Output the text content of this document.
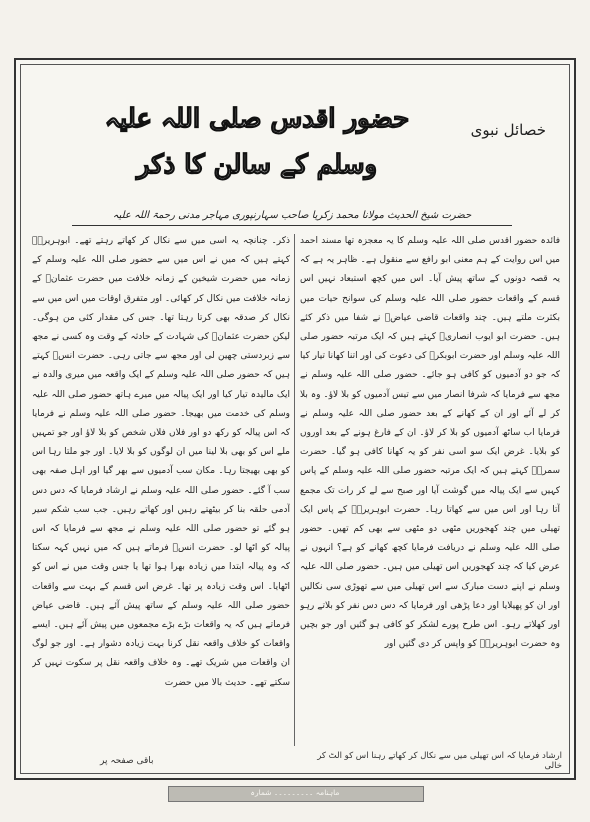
خصائل نبوی
حضور اقدس صلی اللہ علیہ وسلم کے سالن کا ذکر
حضرت شیخ الحدیث مولانا محمد زکریا صاحب سہارنپوری مہاجر مدنی رحمۃ اللہ علیہ

فائدہ حضور اقدس صلی اللہ علیہ وسلم کا یہ معجزہ تھا مسند احمد میں اس روایت کے ہم معنی ابو رافع سے منقول ہے۔ ظاہر یہ ہے کہ یہ قصہ دونوں کے ساتھ پیش آیا۔ اس میں کچھ استبعاد نہیں اس قسم کے واقعات حضور صلی اللہ علیہ وسلم کی سوانح حیات میں بکثرت ملتے ہیں۔ چند واقعات قاضی عیاضؒ نے شفا میں ذکر کئے ہیں۔ حضرت ابو ایوب انصاریؓ کہتے ہیں کہ ایک مرتبہ حضور صلی اللہ علیہ وسلم اور حضرت ابوبکرؓ کی دعوت کی اور اتنا کھانا تیار کیا کہ جو دو آدمیوں کو کافی ہو جائے۔ حضور صلی اللہ علیہ وسلم نے مجھ سے فرمایا کہ شرفا انصار میں سے تیس آدمیوں کو بلا لاؤ۔ وہ بلا کر لے آئے اور ان کے کھانے کے بعد حضور صلی اللہ علیہ وسلم نے فرمایا اب ساٹھ آدمیوں کو بلا کر لاؤ۔ ان کے فارغ ہونے کے بعد اوروں کو بلایا۔ غرض ایک سو اسی نفر کو یہ کھانا کافی ہو گیا۔ حضرت سمرہؓ کہتے ہیں کہ ایک مرتبہ حضور صلی اللہ علیہ وسلم کے پاس کہیں سے ایک پیالہ میں گوشت آیا اور صبح سے لے کر رات تک مجمع آتا رہا اور اس میں سے کھاتا رہا۔ حضرت ابوہریرہؓ کے پاس ایک تھیلی میں چند کھجوریں مٹھی دو مٹھی سے بھی کم تھیں۔ حضور صلی اللہ علیہ وسلم نے دریافت فرمایا کچھ کھانے کو ہے؟ انہوں نے عرض کیا کہ چند کھجوریں اس تھیلی میں ہیں۔ حضور صلی اللہ علیہ وسلم نے اپنے دست مبارک سے اس تھیلی میں سے تھوڑی سی نکالیں اور ان کو پھیلایا اور دعا پڑھی اور فرمایا کہ دس دس نفر کو بلاتے رہو اور کھلاتے رہو۔ اس طرح پورے لشکر کو کافی ہو گئیں اور جو بچیں وہ حضرت ابوہریرہؓ کو واپس کر دی گئیں اور

ذکر۔ چنانچہ یہ اسی میں سے نکال کر کھاتے رہتے تھے۔ ابوہریرہؓ کہتے ہیں کہ میں نے اس میں سے حضور صلی اللہ علیہ وسلم کے زمانہ میں حضرت شیخین کے زمانہ خلافت میں حضرت عثمانؓ کے زمانہ خلافت میں نکال کر کھائی۔ اور متفرق اوقات میں اس میں سے نکال کر صدقہ بھی کرتا رہتا تھا۔ جس کی مقدار کئی من ہوگی۔ لیکن حضرت عثمانؓ کی شہادت کے حادثہ کے وقت وہ کسی نے مجھ سے زبردستی چھین لی اور مجھ سے جاتی رہی۔ حضرت انسؓ کہتے ہیں کہ حضور صلی اللہ علیہ وسلم کے ایک واقعہ میں میری والدہ نے ایک مالیدہ تیار کیا اور ایک پیالہ میں میرے ہاتھ حضور صلی اللہ علیہ وسلم کی خدمت میں بھیجا۔ حضور صلی اللہ علیہ وسلم نے فرمایا کہ اس پیالہ کو رکھ دو اور فلاں فلاں شخص کو بلا لاؤ اور جو تمہیں ملے اس کو بھی بلا لینا میں ان لوگوں کو بلا لایا۔ اور جو ملتا رہا اس کو بھی بھیجتا رہا۔ مکان سب آدمیوں سے بھر گیا اور اہل صفہ بھی سب آ گئے۔ حضور صلی اللہ علیہ وسلم نے ارشاد فرمایا کہ دس دس آدمی حلقہ بنا کر بیٹھتے رہیں اور کھاتے رہیں۔ جب سب شکم سیر ہو گئے تو حضور صلی اللہ علیہ وسلم نے مجھ سے فرمایا کہ اس پیالہ کو اٹھا لو۔ حضرت انسؓ فرماتے ہیں کہ میں نہیں کہہ سکتا کہ وہ پیالہ ابتدا میں زیادہ بھرا ہوا تھا یا جس وقت میں نے اس کو اٹھایا۔ اس وقت زیادہ پر تھا۔ غرض اس قسم کے بہت سے واقعات حضور صلی اللہ علیہ وسلم کے ساتھ پیش آئے ہیں۔ قاضی عیاض فرماتے ہیں کہ یہ واقعات بڑے بڑے مجمعوں میں پیش آئے ہیں۔ ایسے واقعات کو خلاف واقعہ نقل کرنا بہت زیادہ دشوار ہے۔ اور جو لوگ ان واقعات میں شریک تھے۔ وہ خلاف واقعہ نقل پر سکوت نہیں کر سکتے تھے۔ حدیث بالا میں حضرت

ارشاد فرمایا کہ اس تھیلی میں سے نکال کر کھاتے رہنا اس کو الٹ کر خالی
باقی صفحہ پر
ماہنامہ ۔۔۔۔۔۔۔۔۔ شمارہ
